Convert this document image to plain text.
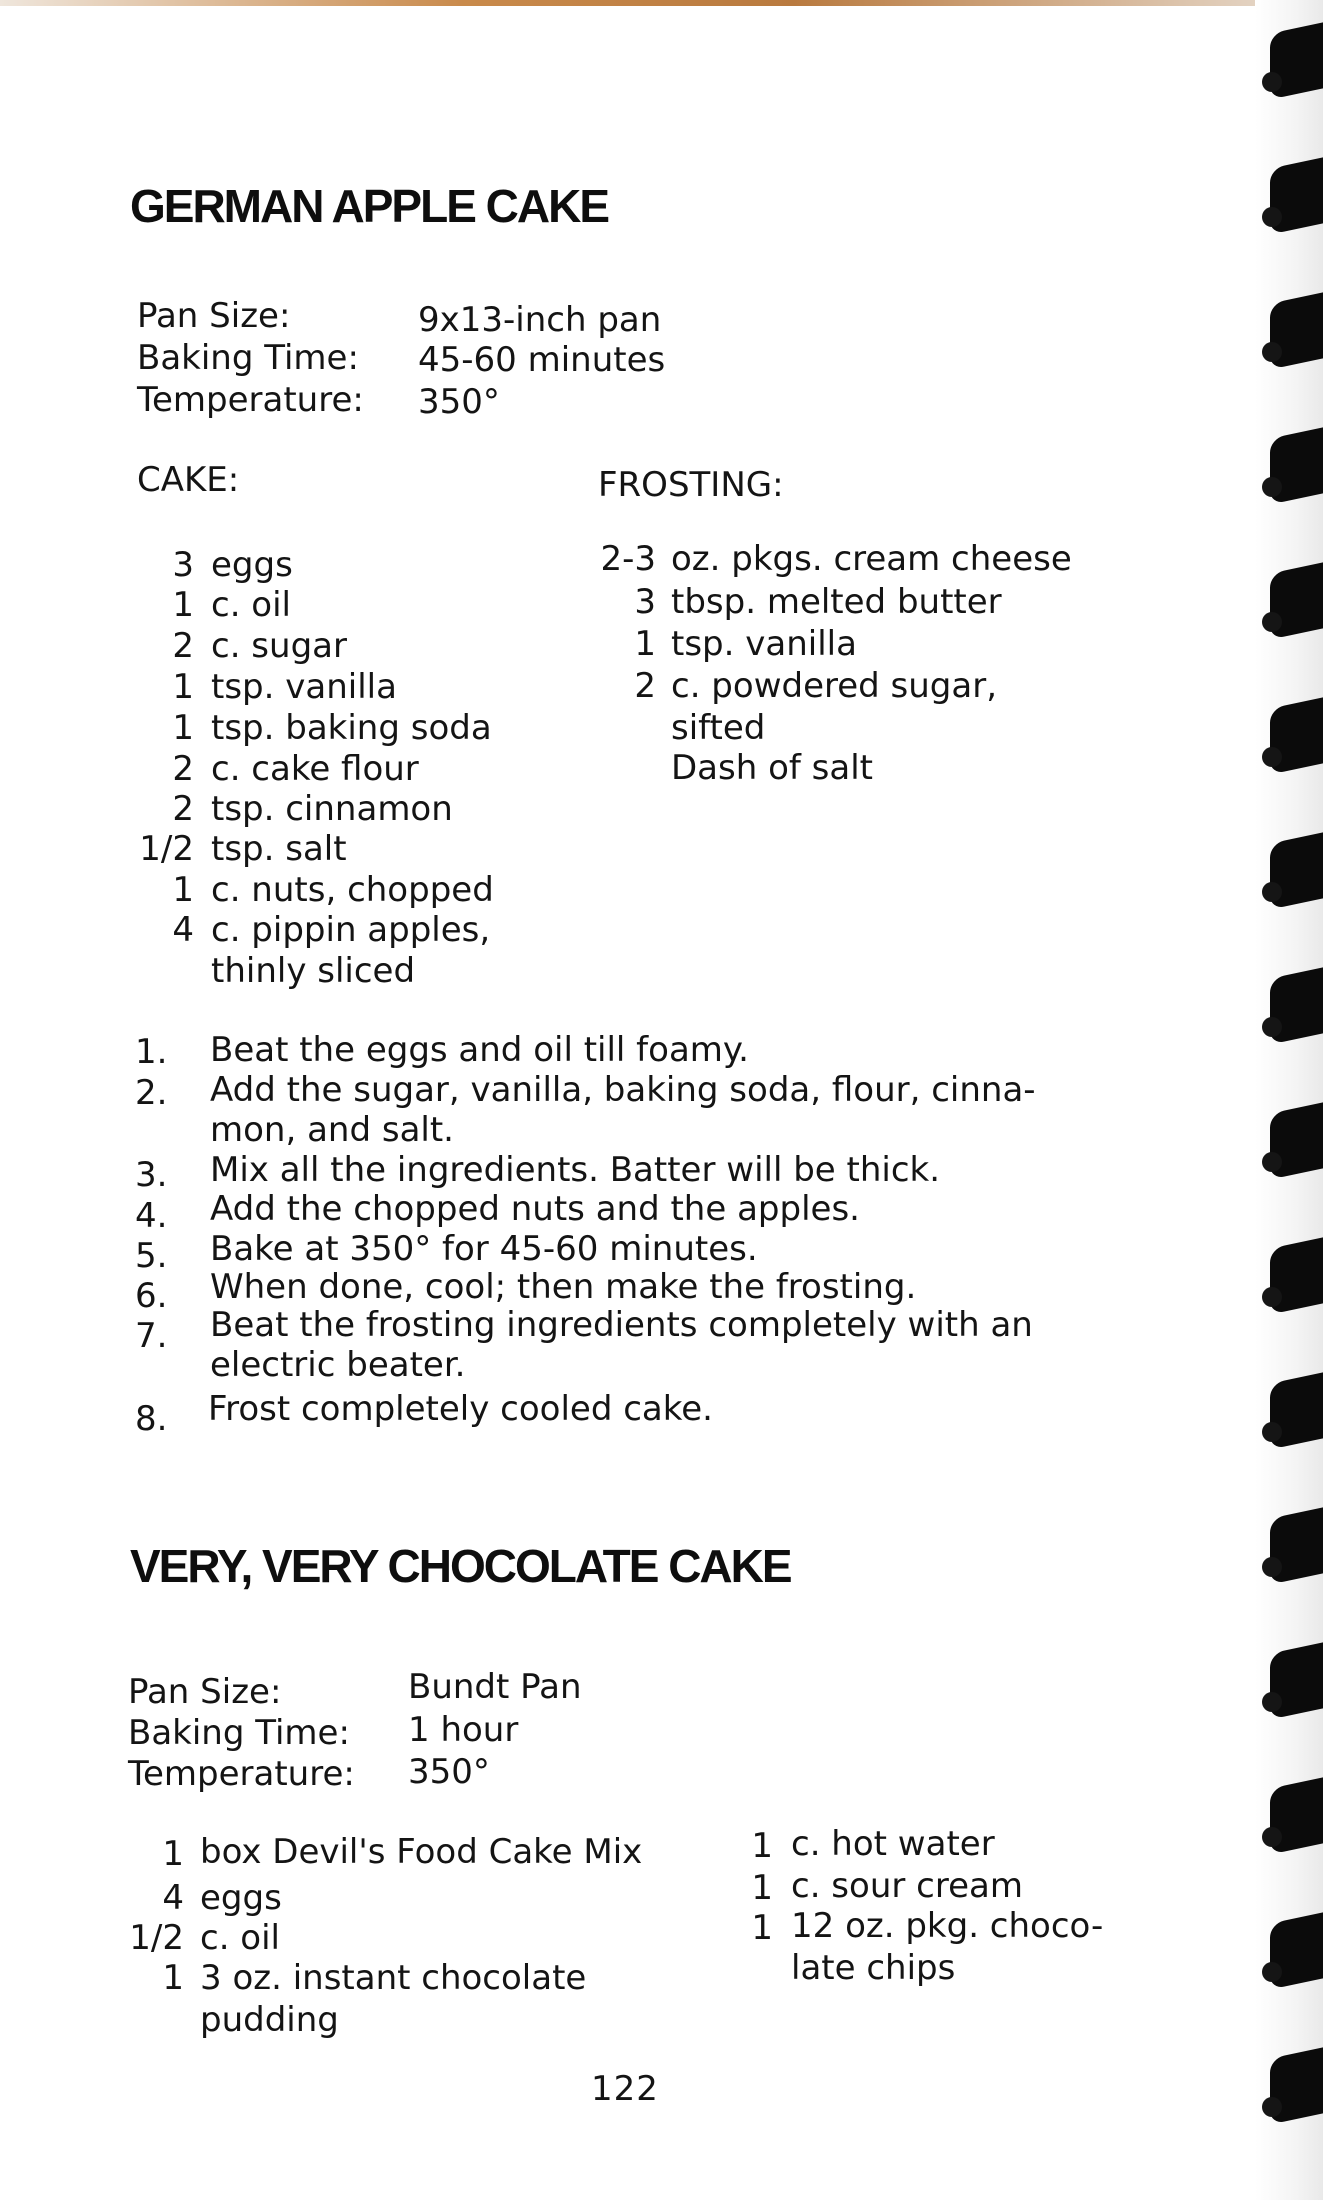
GERMAN APPLE CAKE
Pan Size:	9x13-inch pan
Baking Time: 45-60 minutes
Temperature: 350°
CAKE:	FROSTING:
3 eggs
1 c. oil
2 c. sugar
1 tsp. vanilla
1 tsp. baking soda
2 c. cake flour
2 tsp. cinnamon
1/2 tsp. salt
1 c. nuts, chopped
4 c. pippin apples,
thinly sliced
2-3 oz. pkgs. cream cheese
3 tbsp. melted butter
1 tsp. vanilla
2 c. powdered sugar,
sifted
Dash of salt
1. Beat the eggs and oil till foamy.
2. Add the sugar, vanilla, baking soda, flour, cinna-
mon, and salt.
3. Mix all the ingredients. Batter will be thick.
4. Add the chopped nuts and the apples.
5. Bake at 350° for 45-60 minutes.
6. When done, cool; then make the frosting.
7. Beat the frosting ingredients completely with an
electric beater.
8. Frost completely cooled cake.
VERY, VERY CHOCOLATE CAKE
Pan Size:	Bundt Pan
Baking Time: 1 hour
Temperature: 350°
1 box Devil's Food Cake Mix
4 eggs
1/2 c. oil
1 3 oz. instant chocolate
pudding
1 c. hot water
1 c. sour cream
1 12 oz. pkg. choco-
late chips
122
